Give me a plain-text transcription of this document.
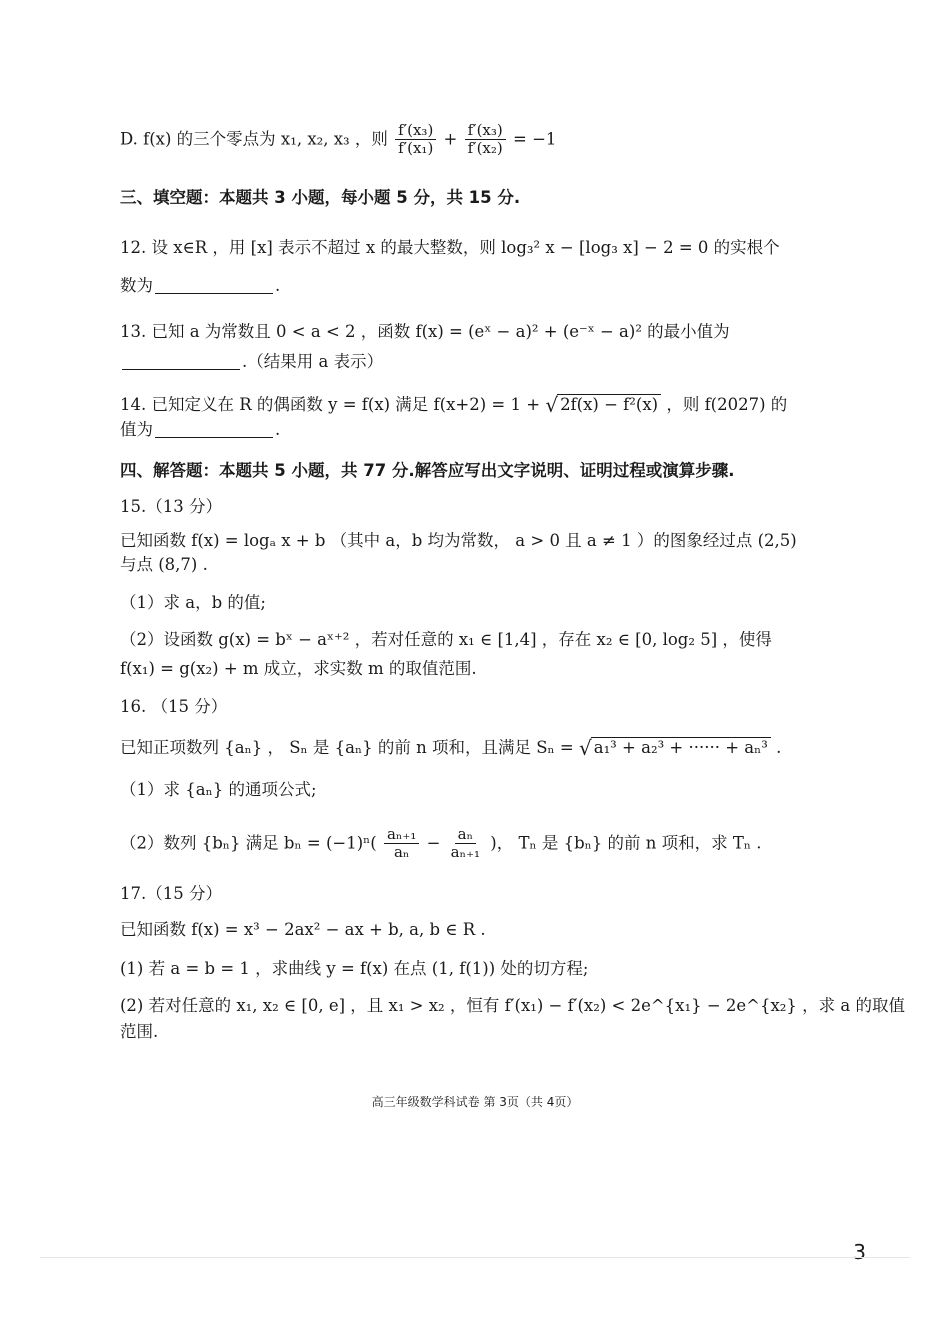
D. f(x) 的三个零点为 x₁, x₂, x₃ ，则 $\frac{\text{f′(x₃)}}{\text{f′(x₁)}} + \frac{\text{f′(x₃)}}{\text{f′(x₂)}} = -1$
三、填空题：本题共 3 小题，每小题 5 分，共 15 分.
12. 设 x∈R ，用 [x] 表示不超过 x 的最大整数，则 log₃² x − [log₃ x] − 2 = 0 的实根个
数为	.
13. 已知 a 为常数且 0 < a < 2 ，函数 f(x) = (eˣ − a)² + (e⁻ˣ − a)² 的最小值为
.（结果用 a 表示）
14. 已知定义在 R 的偶函数 y = f(x) 满足 f(x+2) = 1 + √ 2f(x) − f²(x) ，则 f(2027) 的
值为	.
四、解答题：本题共 5 小题，共 77 分.解答应写出文字说明、证明过程或演算步骤.
15.（13 分）
已知函数 f(x) = logₐ x + b （其中 a，b 均为常数， a > 0 且 a ≠ 1 ）的图象经过点 (2,5)
与点 (8,7) .
（1）求 a，b 的值;
（2）设函数 g(x) = bˣ − aˣ⁺² ，若对任意的 x₁ ∈ [1,4] ，存在 x₂ ∈ [0, log₂ 5] ，使得
f(x₁) = g(x₂) + m 成立，求实数 m 的取值范围.
16. （15 分）
已知正项数列 {aₙ} ， Sₙ 是 {aₙ} 的前 n 项和，且满足 Sₙ = √ a₁³ + a₂³ + ······ + aₙ³ .
（1）求 {aₙ} 的通项公式;
（2）数列 {bₙ} 满足 $b_n = (-1)^n( \frac{\text{aₙ₊₁}}{\text{aₙ}} - \frac{\text{aₙ}}{\text{aₙ₊₁}}$ )， Tₙ 是 {bₙ} 的前 n 项和，求 Tₙ .
17.（15 分）
已知函数 f(x) = x³ − 2ax² − ax + b, a, b ∈ R .
(1) 若 a = b = 1 ，求曲线 y = f(x) 在点 (1, f(1)) 处的切方程;
(2) 若对任意的 x₁, x₂ ∈ [0, e] ，且 x₁ > x₂ ，恒有 f′(x₁) − f′(x₂) < 2e^{x₁} − 2e^{x₂} ，求 a 的取值
范围.
高三年级数学科试卷 第 3页（共 4页）
3
